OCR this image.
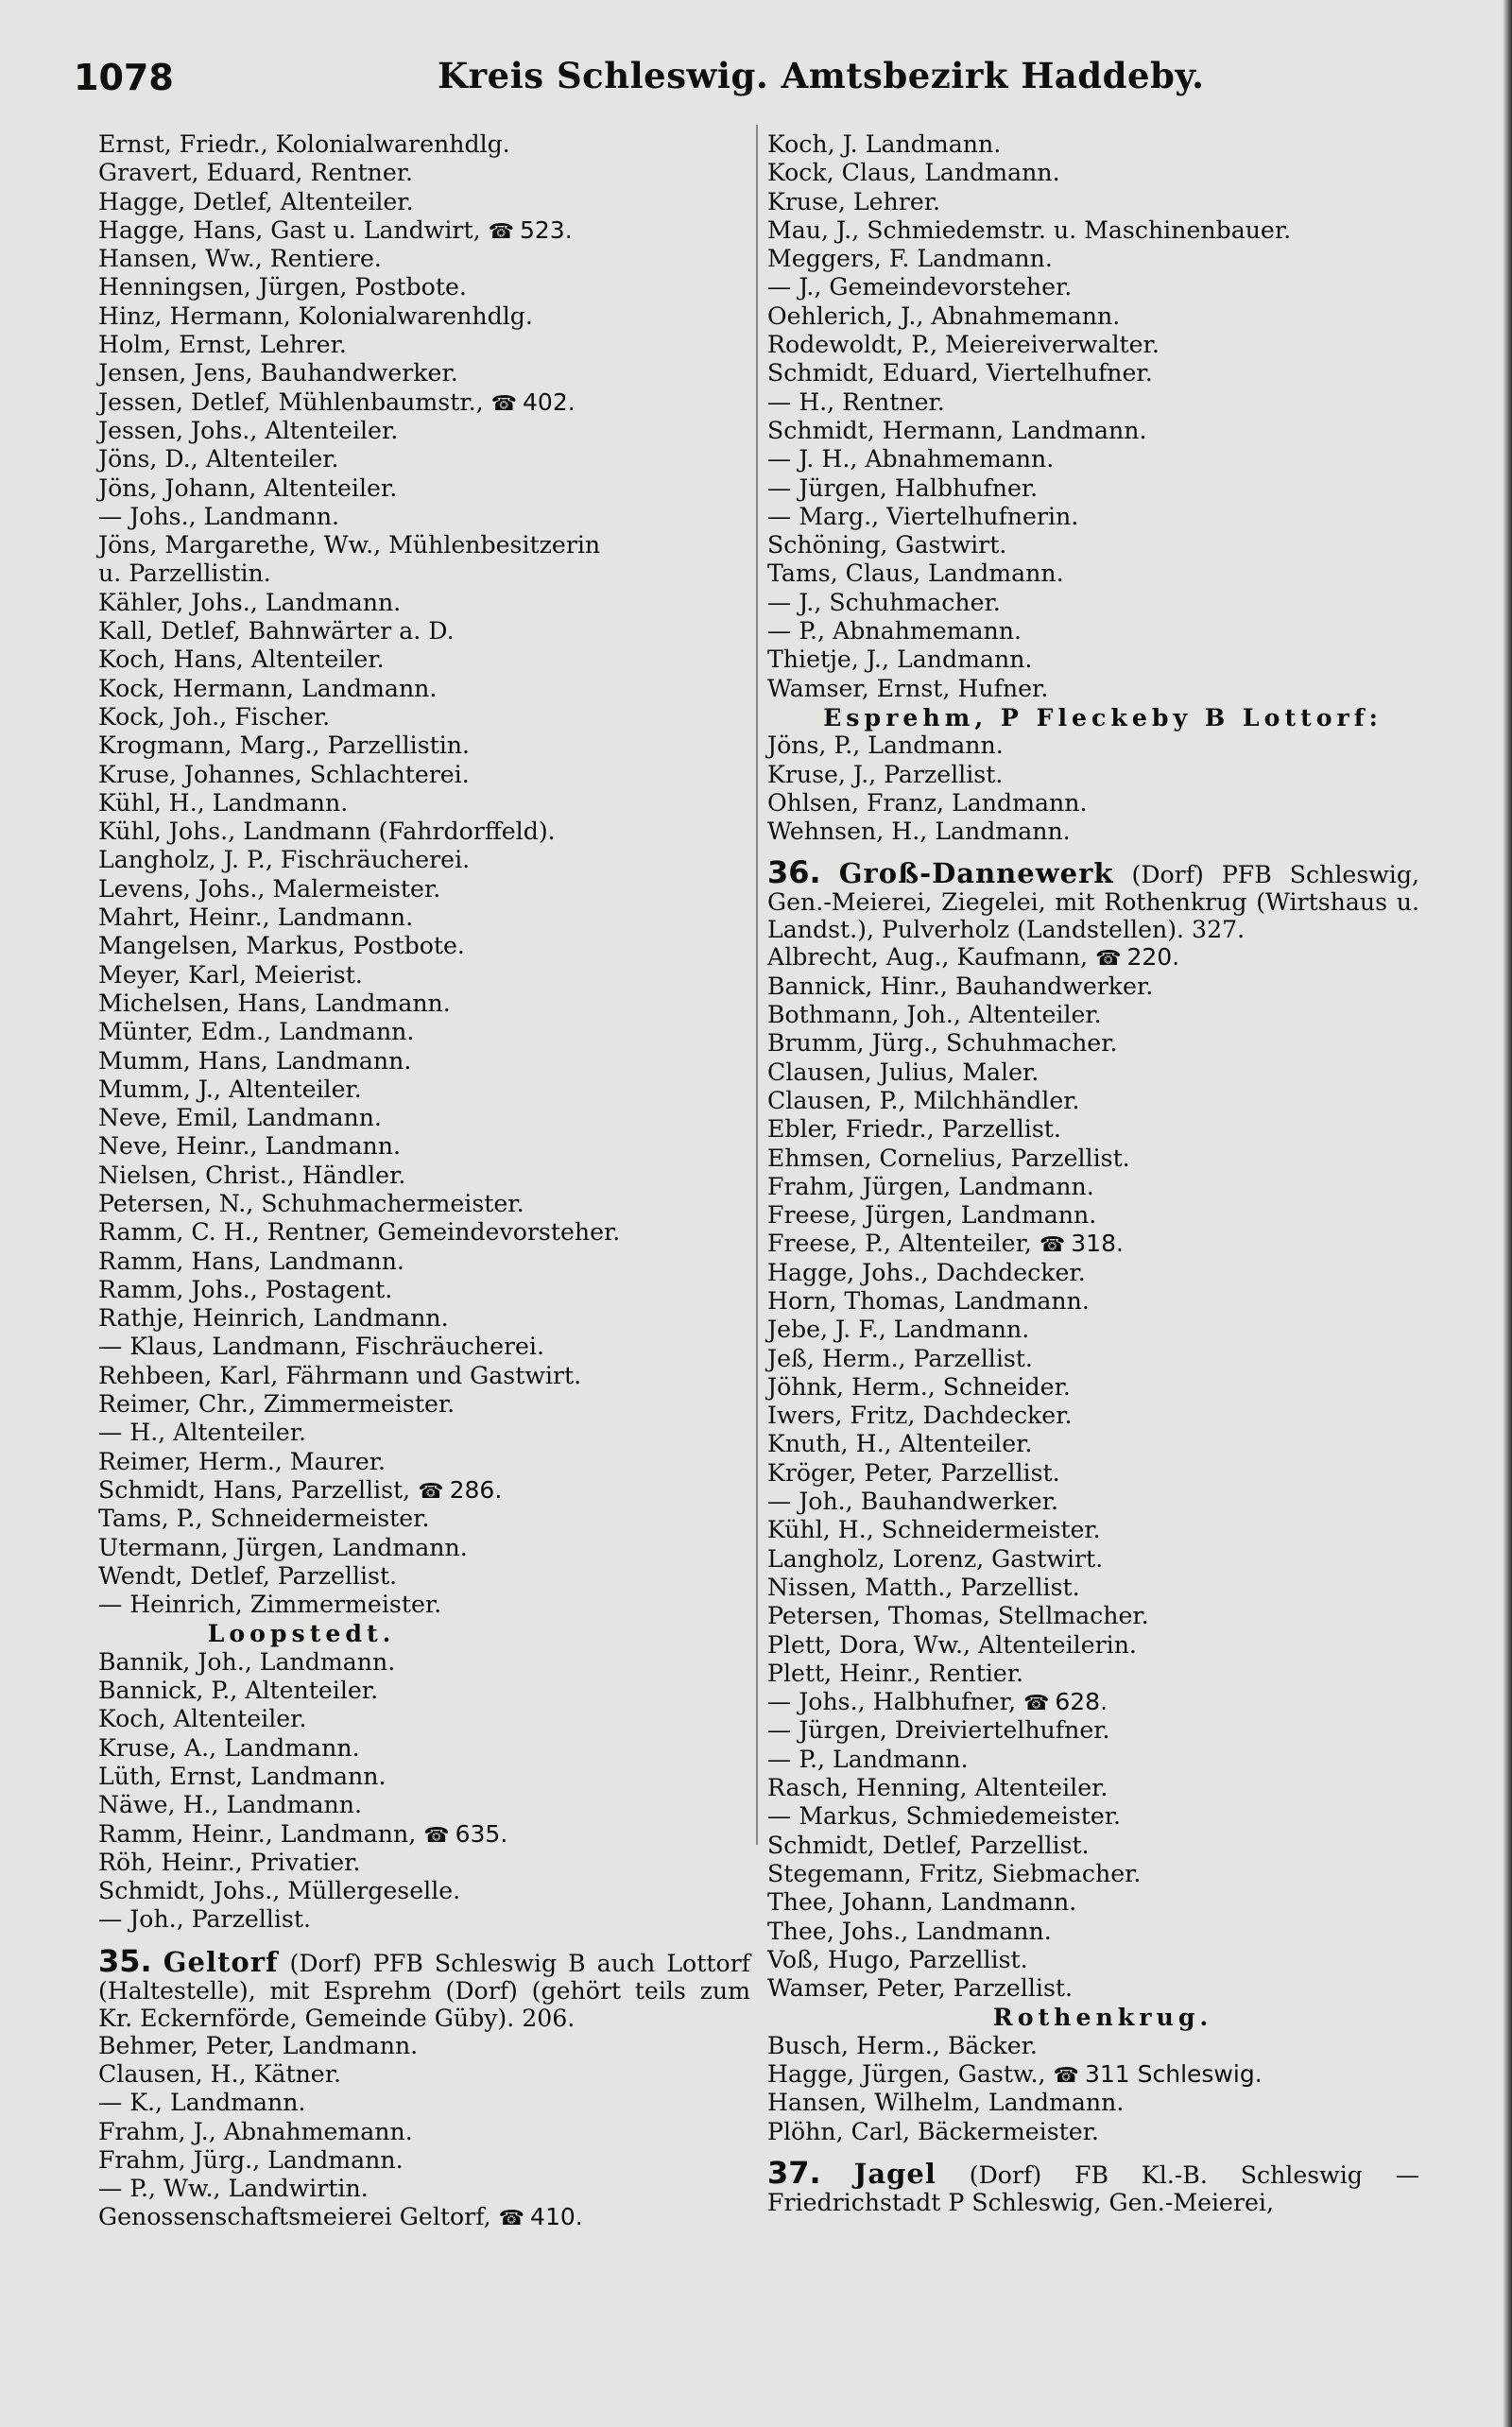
1078	Kreis Schleswig. Amtsbezirk Haddeby.
Ernst, Friedr., Kolonialwarenhdlg.
Gravert, Eduard, Rentner.
Hagge, Detlef, Altenteiler.
Hagge, Hans, Gast u. Landwirt, ☎ 523.
Hansen, Ww., Rentiere.
Henningsen, Jürgen, Postbote.
Hinz, Hermann, Kolonialwarenhdlg.
Holm, Ernst, Lehrer.
Jensen, Jens, Bauhandwerker.
Jessen, Detlef, Mühlenbaumstr., ☎ 402.
Jessen, Johs., Altenteiler.
Jöns, D., Altenteiler.
Jöns, Johann, Altenteiler.
— Johs., Landmann.
Jöns, Margarethe, Ww., Mühlenbesitzerin
u. Parzellistin.
Kähler, Johs., Landmann.
Kall, Detlef, Bahnwärter a. D.
Koch, Hans, Altenteiler.
Kock, Hermann, Landmann.
Kock, Joh., Fischer.
Krogmann, Marg., Parzellistin.
Kruse, Johannes, Schlachterei.
Kühl, H., Landmann.
Kühl, Johs., Landmann (Fahrdorffeld).
Langholz, J. P., Fischräucherei.
Levens, Johs., Malermeister.
Mahrt, Heinr., Landmann.
Mangelsen, Markus, Postbote.
Meyer, Karl, Meierist.
Michelsen, Hans, Landmann.
Münter, Edm., Landmann.
Mumm, Hans, Landmann.
Mumm, J., Altenteiler.
Neve, Emil, Landmann.
Neve, Heinr., Landmann.
Nielsen, Christ., Händler.
Petersen, N., Schuhmachermeister.
Ramm, C. H., Rentner, Gemeindevorsteher.
Ramm, Hans, Landmann.
Ramm, Johs., Postagent.
Rathje, Heinrich, Landmann.
— Klaus, Landmann, Fischräucherei.
Rehbeen, Karl, Fährmann und Gastwirt.
Reimer, Chr., Zimmermeister.
— H., Altenteiler.
Reimer, Herm., Maurer.
Schmidt, Hans, Parzellist, ☎ 286.
Tams, P., Schneidermeister.
Utermann, Jürgen, Landmann.
Wendt, Detlef, Parzellist.
— Heinrich, Zimmermeister.
Loopstedt.
Bannik, Joh., Landmann.
Bannick, P., Altenteiler.
Koch, Altenteiler.
Kruse, A., Landmann.
Lüth, Ernst, Landmann.
Näwe, H., Landmann.
Ramm, Heinr., Landmann, ☎ 635.
Röh, Heinr., Privatier.
Schmidt, Johs., Müllergeselle.
— Joh., Parzellist.
35. Geltorf (Dorf) PFB Schleswig B auch Lottorf (Haltestelle), mit Esprehm (Dorf) (gehört teils zum Kr. Eckernförde, Gemeinde Güby). 206.
Behmer, Peter, Landmann.
Clausen, H., Kätner.
— K., Landmann.
Frahm, J., Abnahmemann.
Frahm, Jürg., Landmann.
— P., Ww., Landwirtin.
Genossenschaftsmeierei Geltorf, ☎ 410.
Koch, J. Landmann.
Kock, Claus, Landmann.
Kruse, Lehrer.
Mau, J., Schmiedemstr. u. Maschinenbauer.
Meggers, F. Landmann.
— J., Gemeindevorsteher.
Oehlerich, J., Abnahmemann.
Rodewoldt, P., Meiereiverwalter.
Schmidt, Eduard, Viertelhufner.
— H., Rentner.
Schmidt, Hermann, Landmann.
— J. H., Abnahmemann.
— Jürgen, Halbhufner.
— Marg., Viertelhufnerin.
Schöning, Gastwirt.
Tams, Claus, Landmann.
— J., Schuhmacher.
— P., Abnahmemann.
Thietje, J., Landmann.
Wamser, Ernst, Hufner.
Esprehm, P Fleckeby B Lottorf:
Jöns, P., Landmann.
Kruse, J., Parzellist.
Ohlsen, Franz, Landmann.
Wehnsen, H., Landmann.
36. Groß-Dannewerk (Dorf) PFB Schleswig, Gen.-Meierei, Ziegelei, mit Rothenkrug (Wirtshaus u. Landst.), Pulverholz (Landstellen). 327.
Albrecht, Aug., Kaufmann, ☎ 220.
Bannick, Hinr., Bauhandwerker.
Bothmann, Joh., Altenteiler.
Brumm, Jürg., Schuhmacher.
Clausen, Julius, Maler.
Clausen, P., Milchhändler.
Ebler, Friedr., Parzellist.
Ehmsen, Cornelius, Parzellist.
Frahm, Jürgen, Landmann.
Freese, Jürgen, Landmann.
Freese, P., Altenteiler, ☎ 318.
Hagge, Johs., Dachdecker.
Horn, Thomas, Landmann.
Jebe, J. F., Landmann.
Jeß, Herm., Parzellist.
Jöhnk, Herm., Schneider.
Iwers, Fritz, Dachdecker.
Knuth, H., Altenteiler.
Kröger, Peter, Parzellist.
— Joh., Bauhandwerker.
Kühl, H., Schneidermeister.
Langholz, Lorenz, Gastwirt.
Nissen, Matth., Parzellist.
Petersen, Thomas, Stellmacher.
Plett, Dora, Ww., Altenteilerin.
Plett, Heinr., Rentier.
— Johs., Halbhufner, ☎ 628.
— Jürgen, Dreiviertelhufner.
— P., Landmann.
Rasch, Henning, Altenteiler.
— Markus, Schmiedemeister.
Schmidt, Detlef, Parzellist.
Stegemann, Fritz, Siebmacher.
Thee, Johann, Landmann.
Thee, Johs., Landmann.
Voß, Hugo, Parzellist.
Wamser, Peter, Parzellist.
Rothenkrug.
Busch, Herm., Bäcker.
Hagge, Jürgen, Gastw., ☎ 311 Schleswig.
Hansen, Wilhelm, Landmann.
Plöhn, Carl, Bäckermeister.
37. Jagel (Dorf) FB Kl.-B. Schleswig —Friedrichstadt P Schleswig, Gen.-Meierei,
